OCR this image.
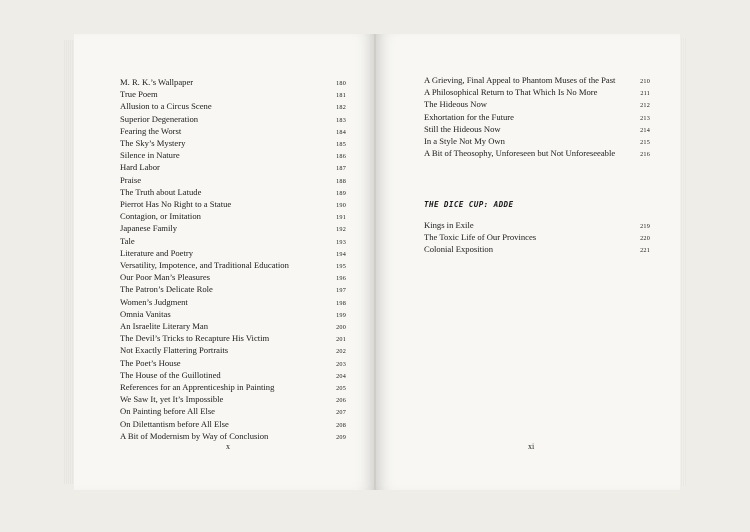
M. R. K.’s Wallpaper	180
True Poem	181
Allusion to a Circus Scene	182
Superior Degeneration	183
Fearing the Worst	184
The Sky’s Mystery	185
Silence in Nature	186
Hard Labor	187
Praise	188
The Truth about Latude	189
Pierrot Has No Right to a Statue	190
Contagion, or Imitation	191
Japanese Family	192
Tale	193
Literature and Poetry	194
Versatility, Impotence, and Traditional Education	195
Our Poor Man’s Pleasures	196
The Patron’s Delicate Role	197
Women’s Judgment	198
Omnia Vanitas	199
An Israelite Literary Man	200
The Devil’s Tricks to Recapture His Victim	201
Not Exactly Flattering Portraits	202
The Poet’s House	203
The House of the Guillotined	204
References for an Apprenticeship in Painting	205
We Saw It, yet It’s Impossible	206
On Painting before All Else	207
On Dilettantism before All Else	208
A Bit of Modernism by Way of Conclusion	209
x
A Grieving, Final Appeal to Phantom Muses of the Past	210
A Philosophical Return to That Which Is No More	211
The Hideous Now	212
Exhortation for the Future	213
Still the Hideous Now	214
In a Style Not My Own	215
A Bit of Theosophy, Unforeseen but Not Unforeseeable	216
THE DICE CUP: ADDE
Kings in Exile	219
The Toxic Life of Our Provinces	220
Colonial Exposition	221
xi
